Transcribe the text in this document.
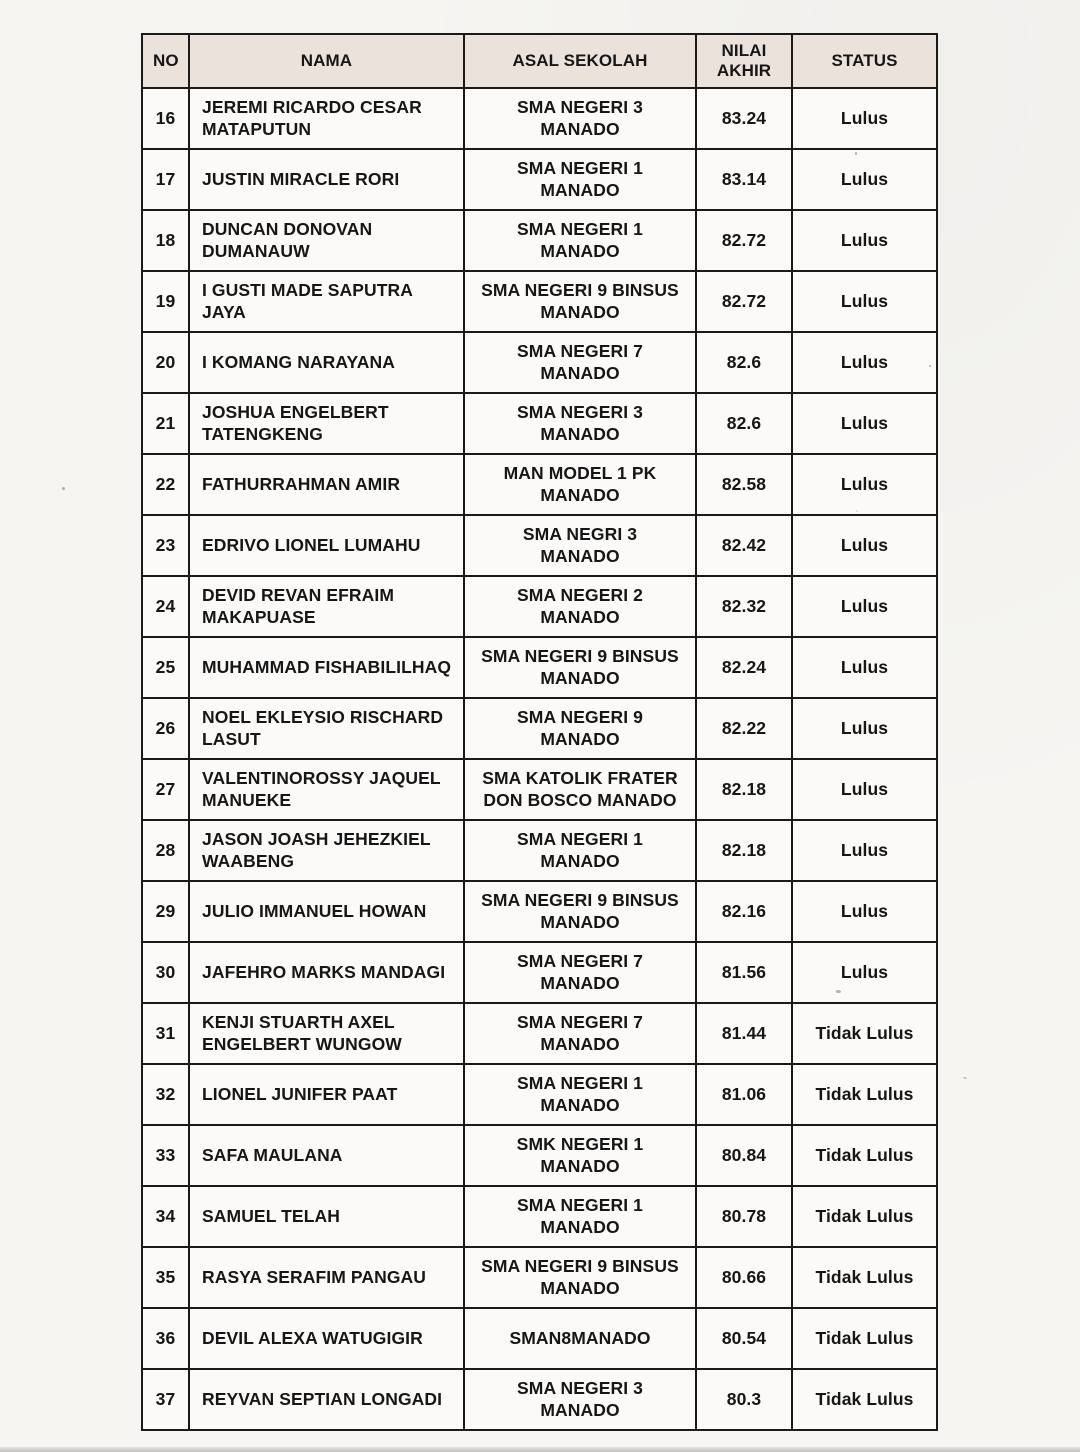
NO	NAMA	ASAL SEKOLAH	NILAI AKHIR	STATUS
16	JEREMI RICARDO CESAR MATAPUTUN	SMA NEGERI 3 MANADO	83.24	Lulus
17	JUSTIN MIRACLE RORI	SMA NEGERI 1 MANADO	83.14	Lulus
18	DUNCAN DONOVAN DUMANAUW	SMA NEGERI 1 MANADO	82.72	Lulus
19	I GUSTI MADE SAPUTRA JAYA	SMA NEGERI 9 BINSUS MANADO	82.72	Lulus
20	I KOMANG NARAYANA	SMA NEGERI 7 MANADO	82.6	Lulus
21	JOSHUA ENGELBERT TATENGKENG	SMA NEGERI 3 MANADO	82.6	Lulus
22	FATHURRAHMAN AMIR	MAN MODEL 1 PK MANADO	82.58	Lulus
23	EDRIVO LIONEL LUMAHU	SMA NEGRI 3 MANADO	82.42	Lulus
24	DEVID REVAN EFRAIM MAKAPUASE	SMA NEGERI 2 MANADO	82.32	Lulus
25	MUHAMMAD FISHABILILHAQ	SMA NEGERI 9 BINSUS MANADO	82.24	Lulus
26	NOEL EKLEYSIO RISCHARD LASUT	SMA NEGERI 9 MANADO	82.22	Lulus
27	VALENTINOROSSY JAQUEL MANUEKE	SMA KATOLIK FRATER DON BOSCO MANADO	82.18	Lulus
28	JASON JOASH JEHEZKIEL WAABENG	SMA NEGERI 1 MANADO	82.18	Lulus
29	JULIO IMMANUEL HOWAN	SMA NEGERI 9 BINSUS MANADO	82.16	Lulus
30	JAFEHRO MARKS MANDAGI	SMA NEGERI 7 MANADO	81.56	Lulus
31	KENJI STUARTH AXEL ENGELBERT WUNGOW	SMA NEGERI 7 MANADO	81.44	Tidak Lulus
32	LIONEL JUNIFER PAAT	SMA NEGERI 1 MANADO	81.06	Tidak Lulus
33	SAFA MAULANA	SMK NEGERI 1 MANADO	80.84	Tidak Lulus
34	SAMUEL TELAH	SMA NEGERI 1 MANADO	80.78	Tidak Lulus
35	RASYA SERAFIM PANGAU	SMA NEGERI 9 BINSUS MANADO	80.66	Tidak Lulus
36	DEVIL ALEXA WATUGIGIR	SMAN8MANADO	80.54	Tidak Lulus
37	REYVAN SEPTIAN LONGADI	SMA NEGERI 3 MANADO	80.3	Tidak Lulus
